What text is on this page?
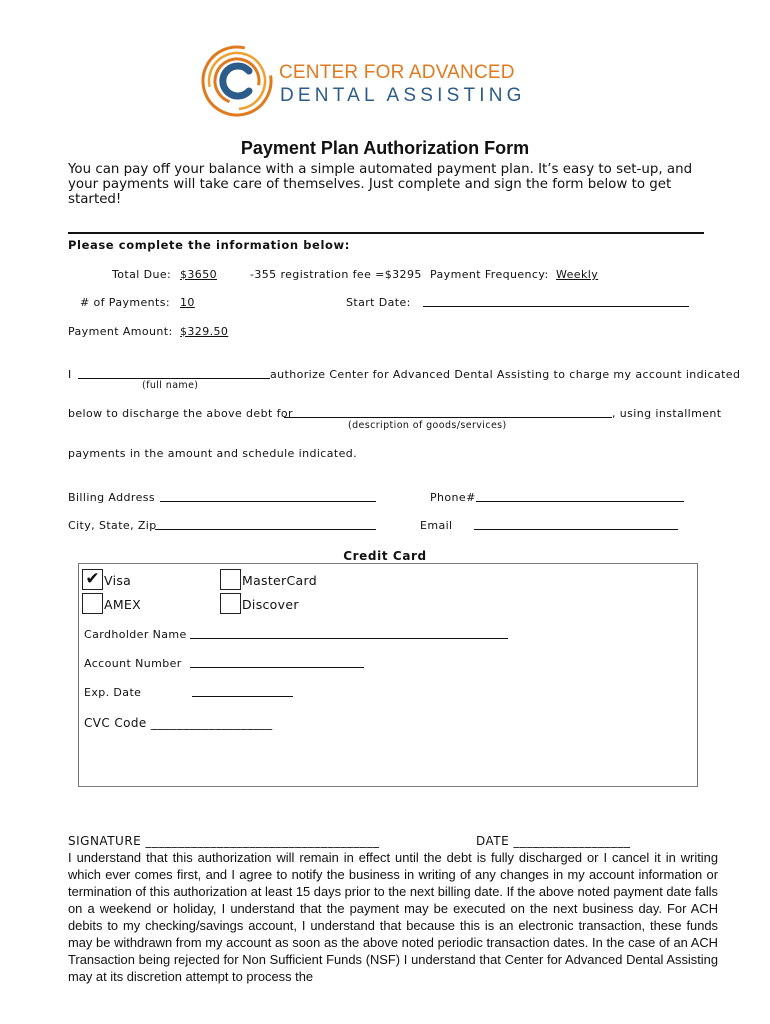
CENTER FOR ADVANCED
DENTAL ASSISTING
Payment Plan Authorization Form
You can pay off your balance with a simple automated payment plan. It’s easy to set-up, and your payments will take care of themselves. Just complete and sign the form below to get started!
Please complete the information below:
Total Due: $3650	-355 registration fee =$3295 Payment Frequency: Weekly
# of Payments: 10	Start Date:
Payment Amount: $329.50
I	authorize Center for Advanced Dental Assisting to charge my account indicated
(full name)
below to discharge the above debt for	, using installment
(description of goods/services)
payments in the amount and schedule indicated.
Billing Address	Phone#
City, State, Zip	Email
Credit Card
✔ Visa	MasterCard
AMEX	Discover
Cardholder Name
Account Number
Exp. Date
CVC Code ___________________
SIGNATURE ____________________________________	DATE __________________
I understand that this authorization will remain in effect until the debt is fully discharged or I cancel it in writing which ever comes first, and I agree to notify the business in writing of any changes in my account information or termination of this authorization at least 15 days prior to the next billing date. If the above noted payment date falls on a weekend or holiday, I understand that the payment may be executed on the next business day. For ACH debits to my checking/savings account, I understand that because this is an electronic transaction, these funds may be withdrawn from my account as soon as the above noted periodic transaction dates. In the case of an ACH Transaction being rejected for Non Sufficient Funds (NSF) I understand that Center for Advanced Dental Assisting may at its discretion attempt to process the
